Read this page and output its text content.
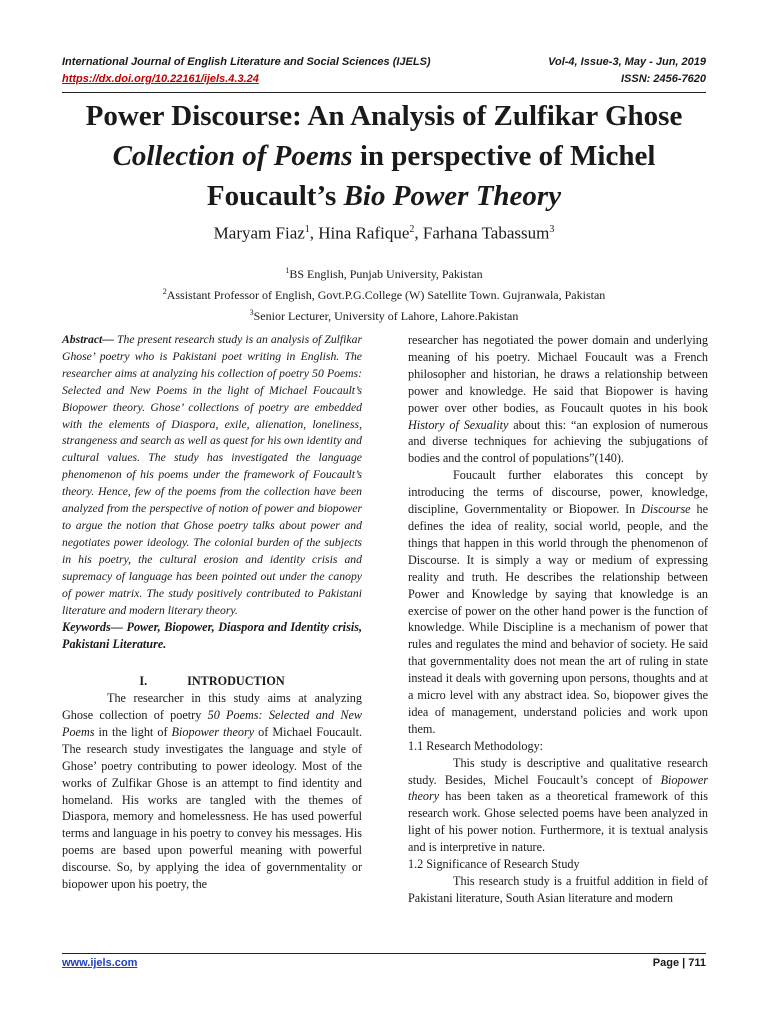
International Journal of English Literature and Social Sciences (IJELS)	Vol-4, Issue-3, May - Jun, 2019
https://dx.doi.org/10.22161/ijels.4.3.24	ISSN: 2456-7620
Power Discourse: An Analysis of Zulfikar Ghose
Collection of Poems in perspective of Michel
Foucault’s Bio Power Theory
Maryam Fiaz$^1$, Hina Rafique$^2$, Farhana Tabassum$^3$
$^1$BS English, Punjab University, Pakistan
$^2$Assistant Professor of English, Govt.P.G.College (W) Satellite Town. Gujranwala, Pakistan
$^3$Senior Lecturer, University of Lahore, Lahore.Pakistan

Abstract— The present research study is an analysis of Zulfikar Ghose’ poetry who is Pakistani poet writing in English. The researcher aims at analyzing his collection of poetry 50 Poems: Selected and New Poems in the light of Michael Foucault’s Biopower theory. Ghose’ collections of poetry are embedded with the elements of Diaspora, exile, alienation, loneliness, strangeness and search as well as quest for his own identity and cultural values. The study has investigated the language phenomenon of his poems under the framework of Foucault’s theory. Hence, few of the poems from the collection have been analyzed from the perspective of notion of power and biopower to argue the notion that Ghose poetry talks about power and negotiates power ideology. The colonial burden of the subjects in his poetry, the cultural erosion and identity crisis and supremacy of language has been pointed out under the canopy of power matrix. The study positively contributed to Pakistani literature and modern literary theory.

Keywords— Power, Biopower, Diaspora and Identity crisis, Pakistani Literature.

I.	INTRODUCTION

The researcher in this study aims at analyzing Ghose collection of poetry 50 Poems: Selected and New Poems in the light of Biopower theory of Michael Foucault. The research study investigates the language and style of Ghose’ poetry contributing to power ideology. Most of the works of Zulfikar Ghose is an attempt to find identity and homeland. His works are tangled with the themes of Diaspora, memory and homelessness. He has used powerful terms and language in his poetry to convey his messages. His poems are based upon powerful meaning with powerful discourse. So, by applying the idea of governmentality or biopower upon his poetry, the

researcher has negotiated the power domain and underlying meaning of his poetry. Michael Foucault was a French philosopher and historian, he draws a relationship between power and knowledge. He said that Biopower is having power over other bodies, as Foucault quotes in his book History of Sexuality about this: “an explosion of numerous and diverse techniques for achieving the subjugations of bodies and the control of populations”(140).

Foucault further elaborates this concept by introducing the terms of discourse, power, knowledge, discipline, Governmentality or Biopower. In Discourse he defines the idea of reality, social world, people, and the things that happen in this world through the phenomenon of Discourse. It is simply a way or medium of expressing reality and truth. He describes the relationship between Power and Knowledge by saying that knowledge is an exercise of power on the other hand power is the function of knowledge. While Discipline is a mechanism of power that rules and regulates the mind and behavior of society. He said that governmentality does not mean the art of ruling in state instead it deals with governing upon persons, thoughts and at a micro level with any abstract idea. So, biopower gives the idea of management, understand policies and work upon them.

1.1 Research Methodology:

This study is descriptive and qualitative research study. Besides, Michel Foucault’s concept of Biopower theory has been taken as a theoretical framework of this research work. Ghose selected poems have been analyzed in light of his power notion. Furthermore, it is textual analysis and is interpretive in nature.

1.2 Significance of Research Study

This research study is a fruitful addition in field of Pakistani literature, South Asian literature and modern

www.ijels.com	Page | 711
